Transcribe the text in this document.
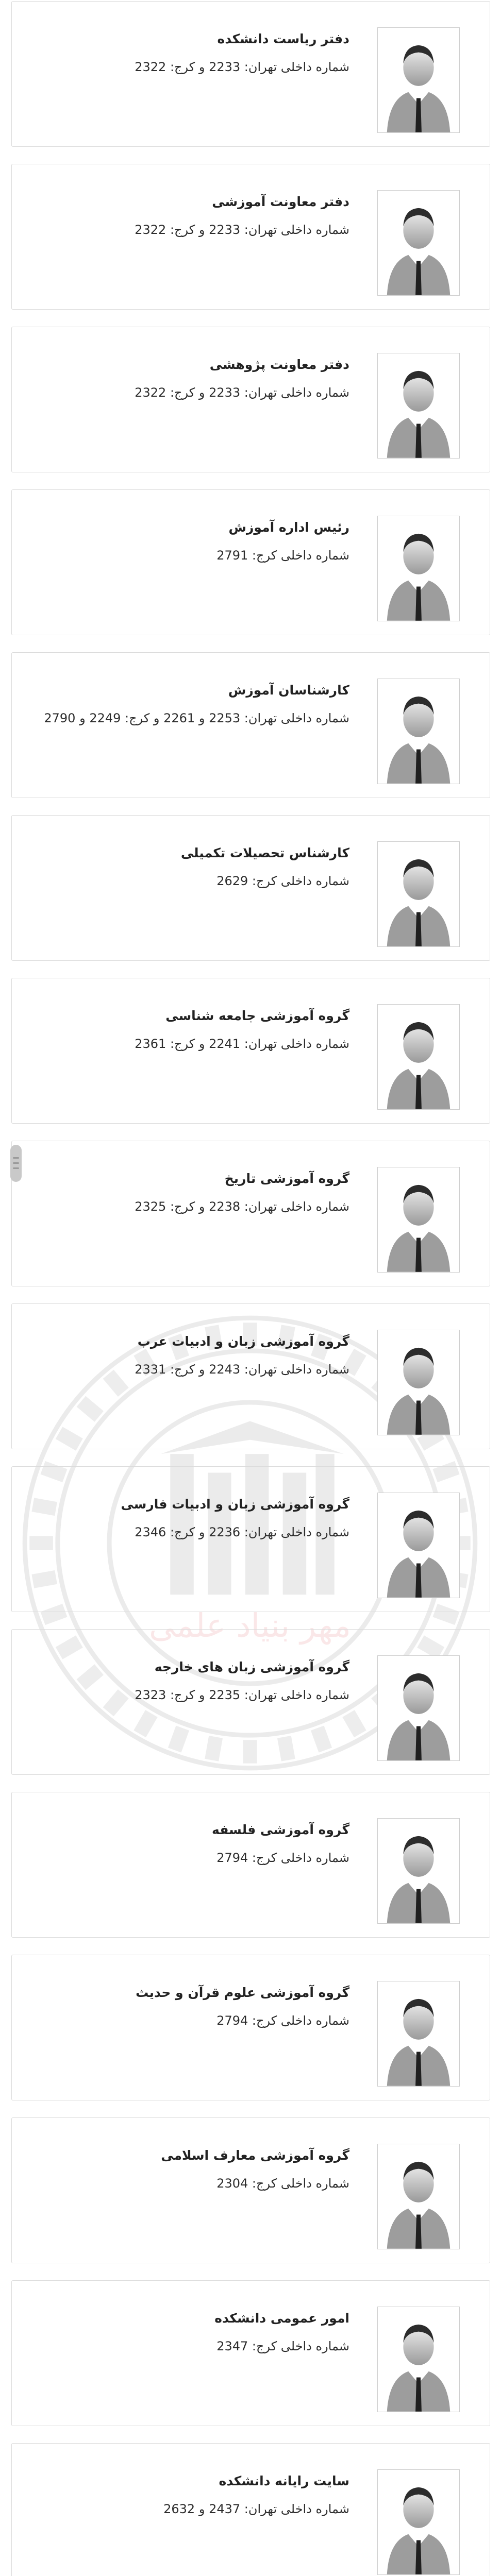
مهر بنیاد علمی

دفتر ریاست دانشکده

شماره داخلی تهران: 2233 و کرج: 2322

دفتر معاونت آموزشی

شماره داخلی تهران: 2233 و کرج: 2322

دفتر معاونت پژوهشی

شماره داخلی تهران: 2233 و کرج: 2322

رئیس اداره آموزش

شماره داخلی کرج: 2791

کارشناسان آموزش

شماره داخلی تهران: 2253 و 2261 و کرج: 2249 و 2790

کارشناس تحصیلات تکمیلی

شماره داخلی کرج: 2629

گروه آموزشی جامعه شناسی

شماره داخلی تهران: 2241 و کرج: 2361

گروه آموزشی تاریخ

شماره داخلی تهران: 2238 و کرج: 2325

گروه آموزشی زبان و ادبیات عرب

شماره داخلی تهران: 2243 و کرج: 2331

گروه آموزشی زبان و ادبیات فارسی

شماره داخلی تهران: 2236 و کرج: 2346

گروه آموزشی زبان های خارجه

شماره داخلی تهران: 2235 و کرج: 2323

گروه آموزشی فلسفه

شماره داخلی کرج: 2794

گروه آموزشی علوم قرآن و حدیث

شماره داخلی کرج: 2794

گروه آموزشی معارف اسلامی

شماره داخلی کرج: 2304

امور عمومی دانشکده

شماره داخلی کرج: 2347

سایت رایانه دانشکده

شماره داخلی تهران: 2437 و 2632
